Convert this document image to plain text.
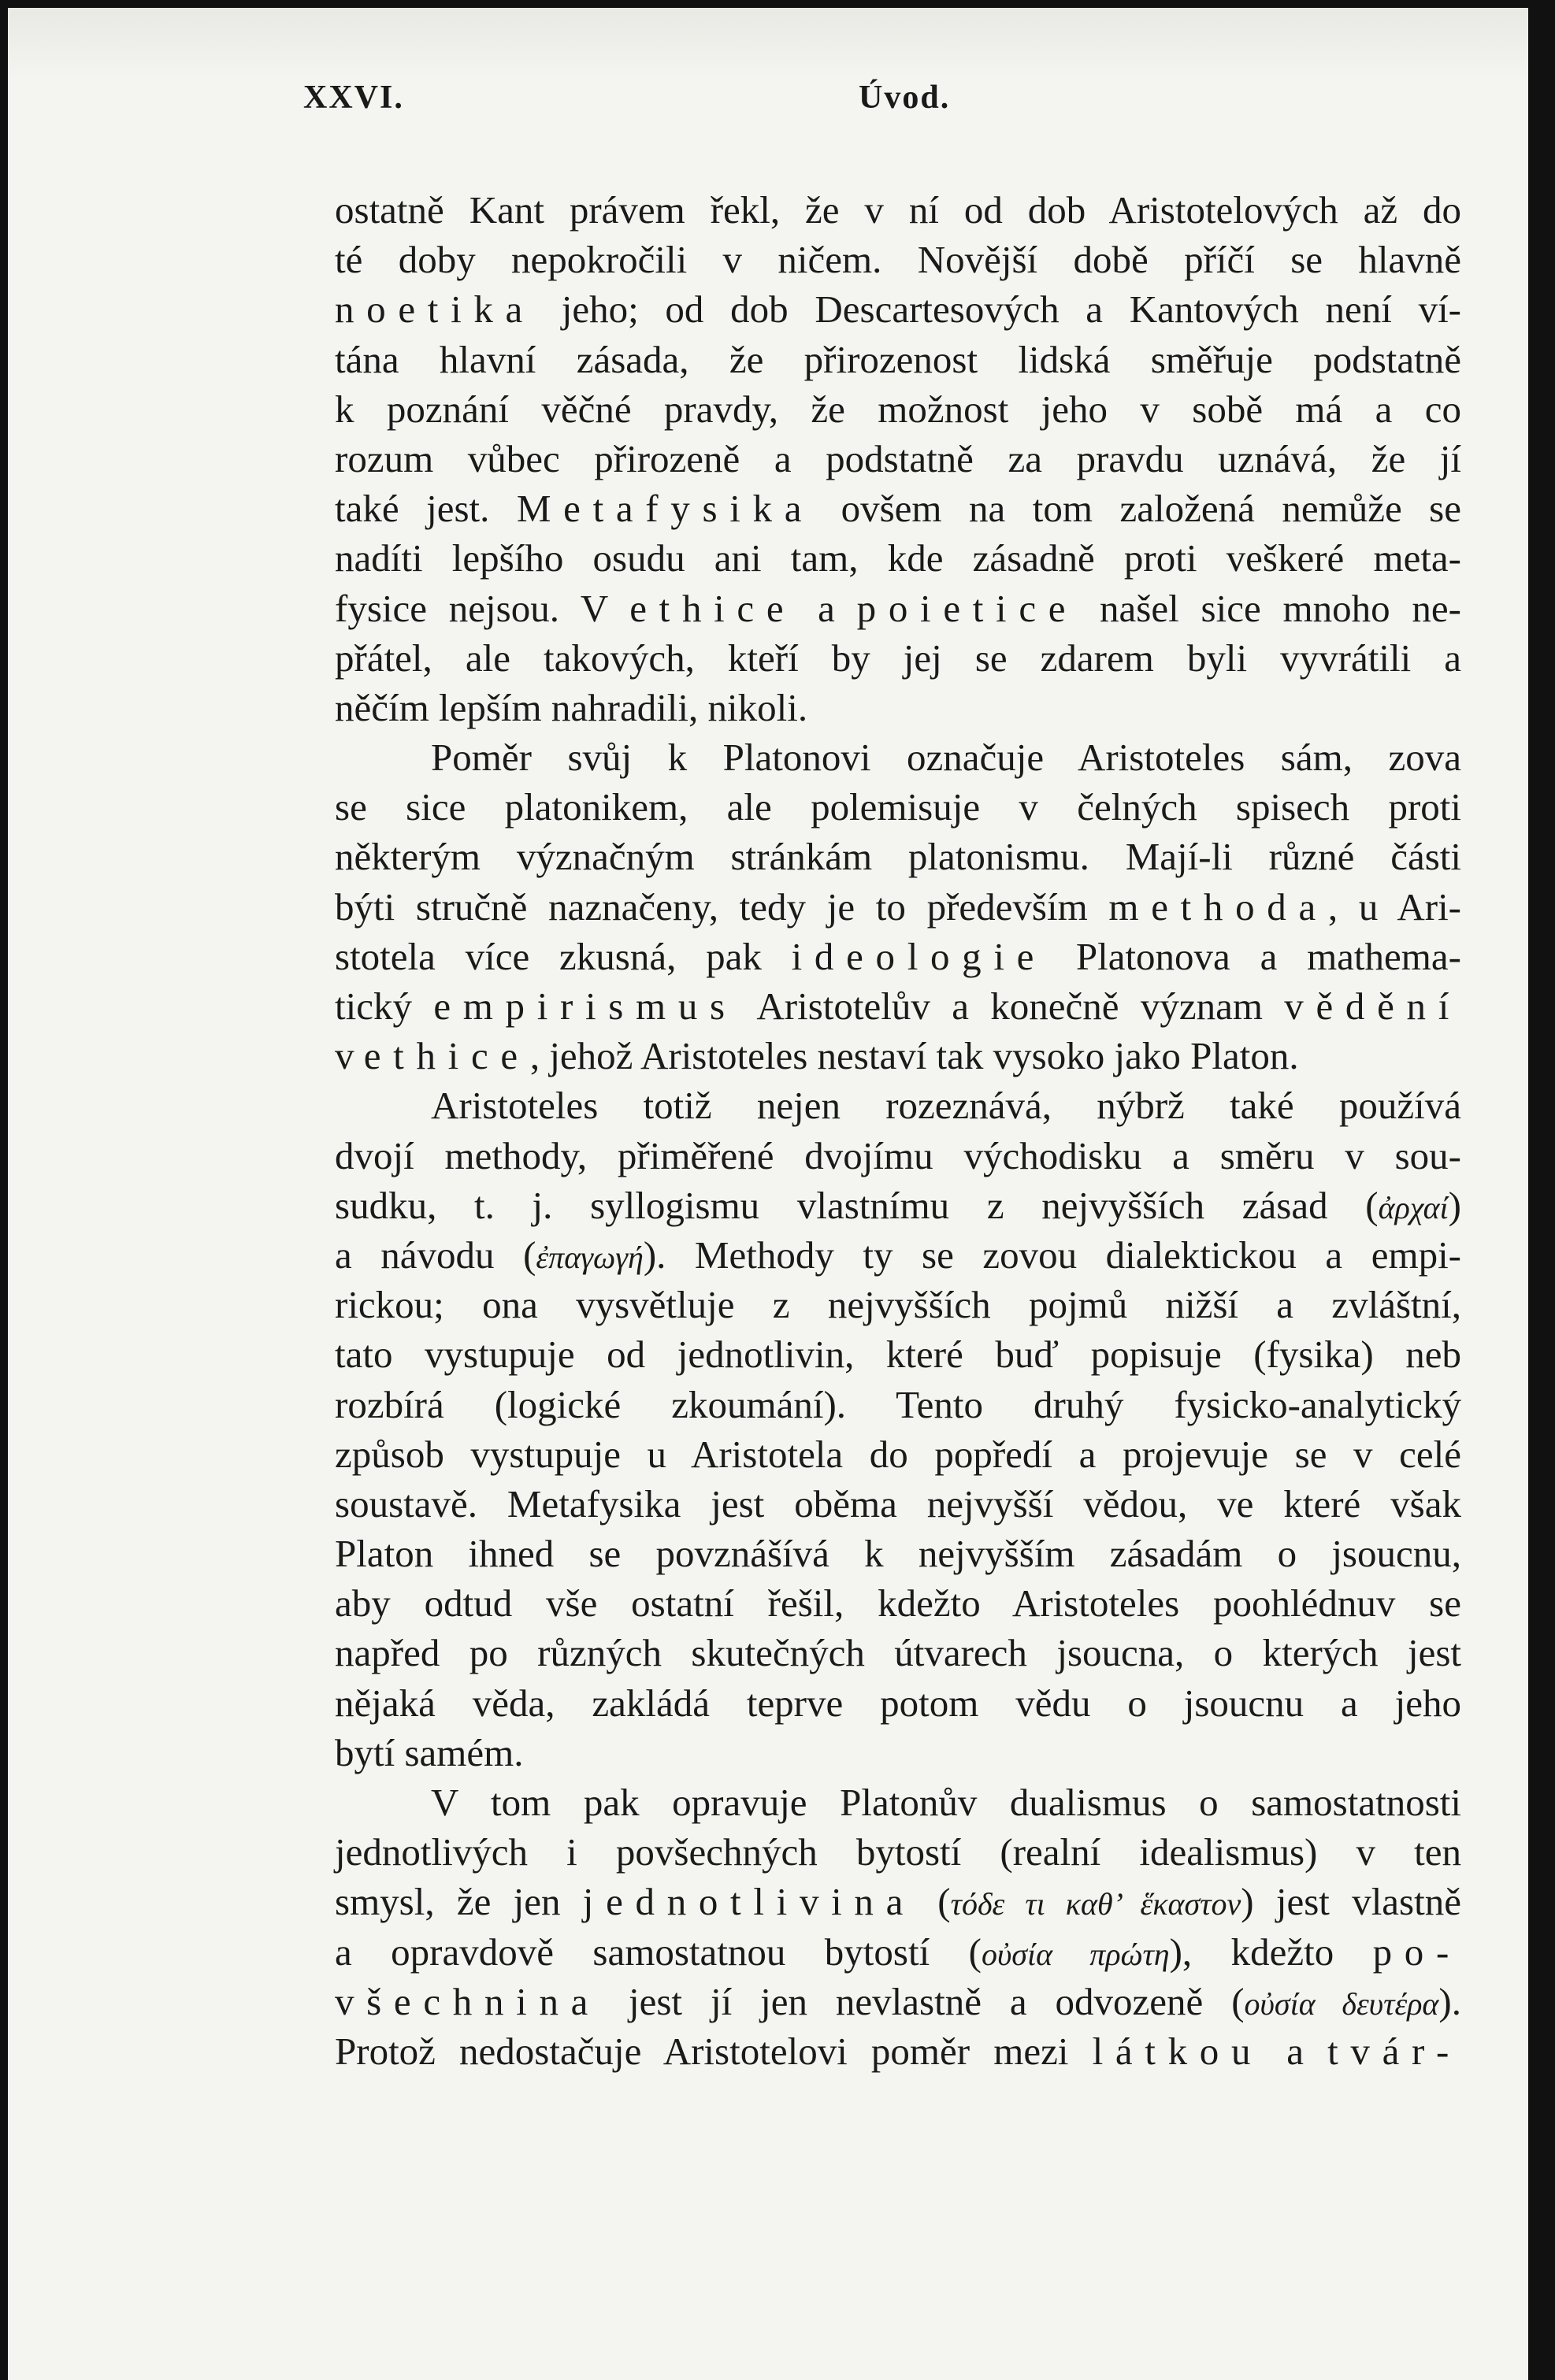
XXVI.	Úvod.
ostatně Kant právem řekl, že v ní od dob Aristotelových až do
té doby nepokročili v ničem. Novější době příčí se hlavně
noetika jeho; od dob Descartesových a Kantových není ví-
tána hlavní zásada, že přirozenost lidská směřuje podstatně
k poznání věčné pravdy, že možnost jeho v sobě má a co
rozum vůbec přirozeně a podstatně za pravdu uznává, že jí
také jest. Metafysika ovšem na tom založená nemůže se
nadíti lepšího osudu ani tam, kde zásadně proti veškeré meta-
fysice nejsou. V ethice a poietice našel sice mnoho ne-
přátel, ale takových, kteří by jej se zdarem byli vyvrátili a
něčím lepším nahradili, nikoli.
Poměr svůj k Platonovi označuje Aristoteles sám, zova
se sice platonikem, ale polemisuje v čelných spisech proti
některým význačným stránkám platonismu. Mají-li různé části
býti stručně naznačeny, tedy je to především methoda, u Ari-
stotela více zkusná, pak ideologie Platonova a mathema-
tický empirismus Aristotelův a konečně význam vědění
v ethice, jehož Aristoteles nestaví tak vysoko jako Platon.
Aristoteles totiž nejen rozeznává, nýbrž také používá
dvojí methody, přiměřené dvojímu východisku a směru v sou-
sudku, t. j. syllogismu vlastnímu z nejvyšších zásad (ἀρχαί)
a návodu (ἐπαγωγή). Methody ty se zovou dialektickou a empi-
rickou; ona vysvětluje z nejvyšších pojmů nižší a zvláštní,
tato vystupuje od jednotlivin, které buď popisuje (fysika) neb
rozbírá (logické zkoumání). Tento druhý fysicko-analytický
způsob vystupuje u Aristotela do popředí a projevuje se v celé
soustavě. Metafysika jest oběma nejvyšší vědou, ve které však
Platon ihned se povznášívá k nejvyšším zásadám o jsoucnu,
aby odtud vše ostatní řešil, kdežto Aristoteles poohlédnuv se
napřed po různých skutečných útvarech jsoucna, o kterých jest
nějaká věda, zakládá teprve potom vědu o jsoucnu a jeho
bytí samém.
V tom pak opravuje Platonův dualismus o samostatnosti
jednotlivých i povšechných bytostí (realní idealismus) v ten
smysl, že jen jednotlivina (τόδε τι καθ’ ἕκαστον) jest vlastně
a opravdově samostatnou bytostí (οὐσία πρώτη), kdežto po-
všechnina jest jí jen nevlastně a odvozeně (οὐσία δευτέρα).
Protož nedostačuje Aristotelovi poměr mezi látkou a tvár-
